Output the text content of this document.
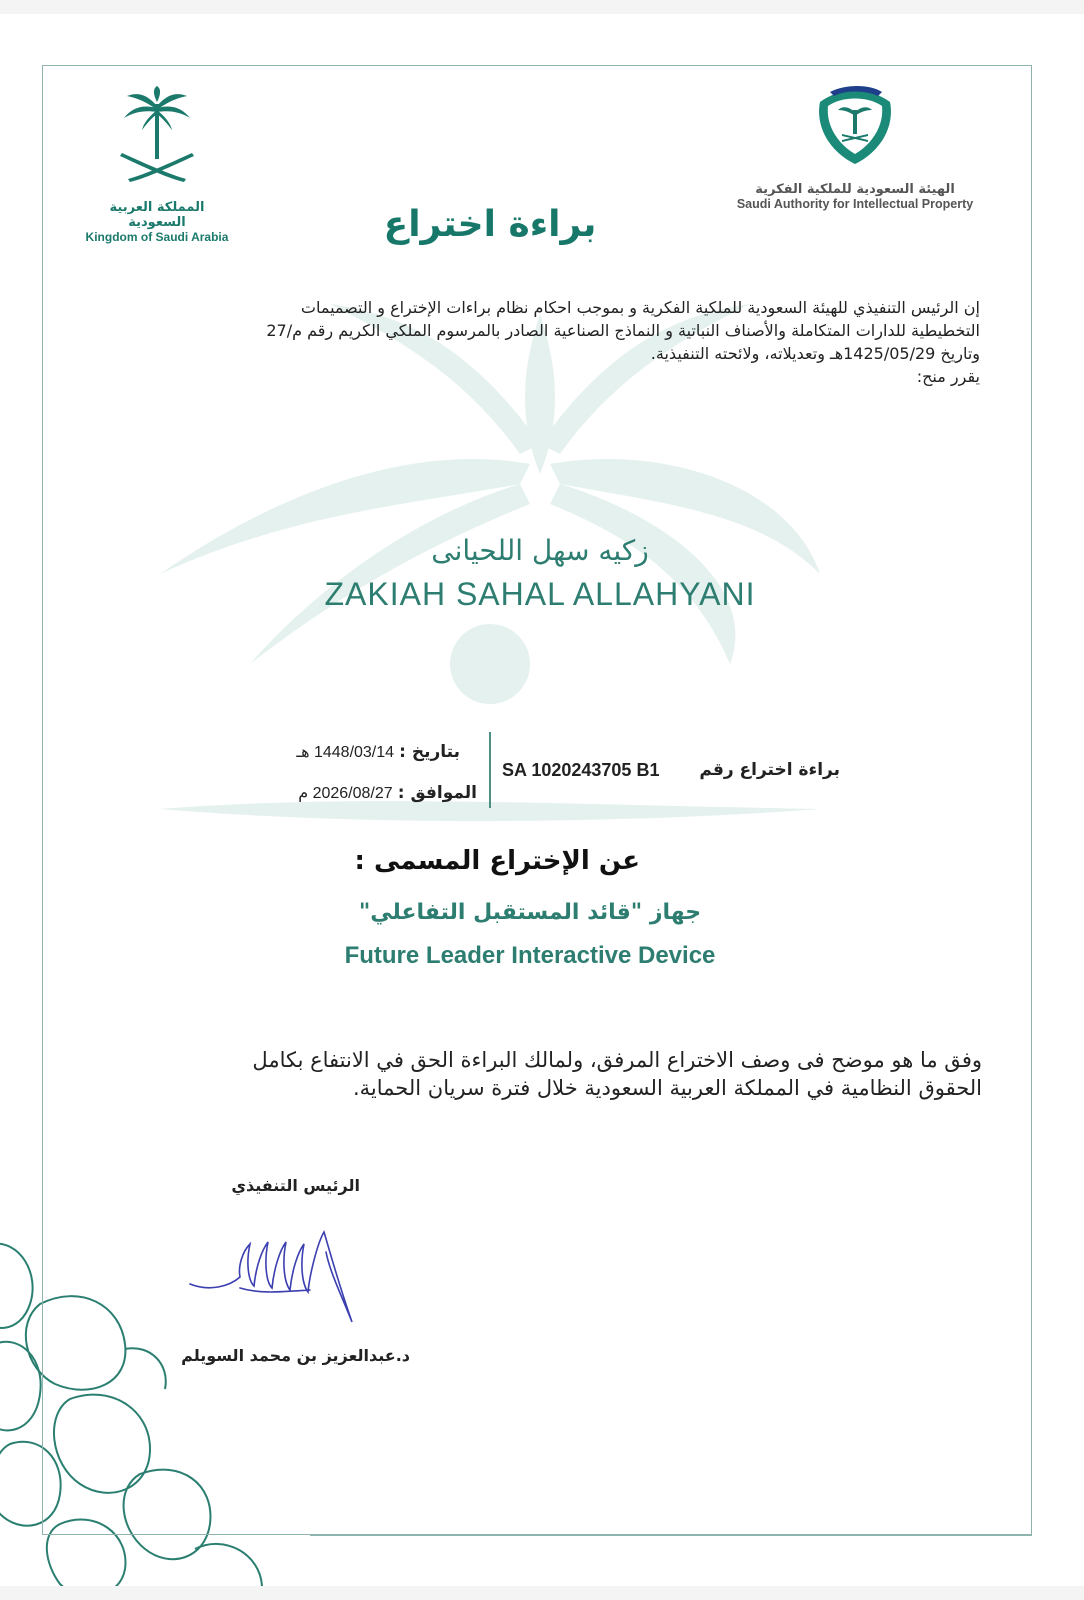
المملكة العربية السعودية
Kingdom of Saudi Arabia
الهيئة السعودية للملكية الفكرية
Saudi Authority for Intellectual Property
براءة اختراع
إن الرئيس التنفيذي للهيئة السعودية للملكية الفكرية و بموجب احكام نظام براءات الإختراع و التصميمات
التخطيطية للدارات المتكاملة والأصناف النباتية و النماذج الصناعية الصادر بالمرسوم الملكي الكريم رقم م/27
وتاريخ 1425/05/29هـ وتعديلاته، ولائحته التنفيذية.
يقرر منح:
زكيه سهل اللحيانى
ZAKIAH SAHAL ALLAHYANI
براءة اختراع رقم
SA 1020243705 B1
بتاريخ : 1448/03/14 هـ
الموافق : 2026/08/27 م
عن الإختراع المسمى :
جهاز "قائد المستقبل التفاعلي"
Future Leader Interactive Device
وفق ما هو موضح فى وصف الاختراع المرفق، ولمالك البراءة الحق في الانتفاع بكامل
الحقوق النظامية في المملكة العربية السعودية خلال فترة سريان الحماية.
الرئيس التنفيذي
د.عبدالعزيز بن محمد السويلم
